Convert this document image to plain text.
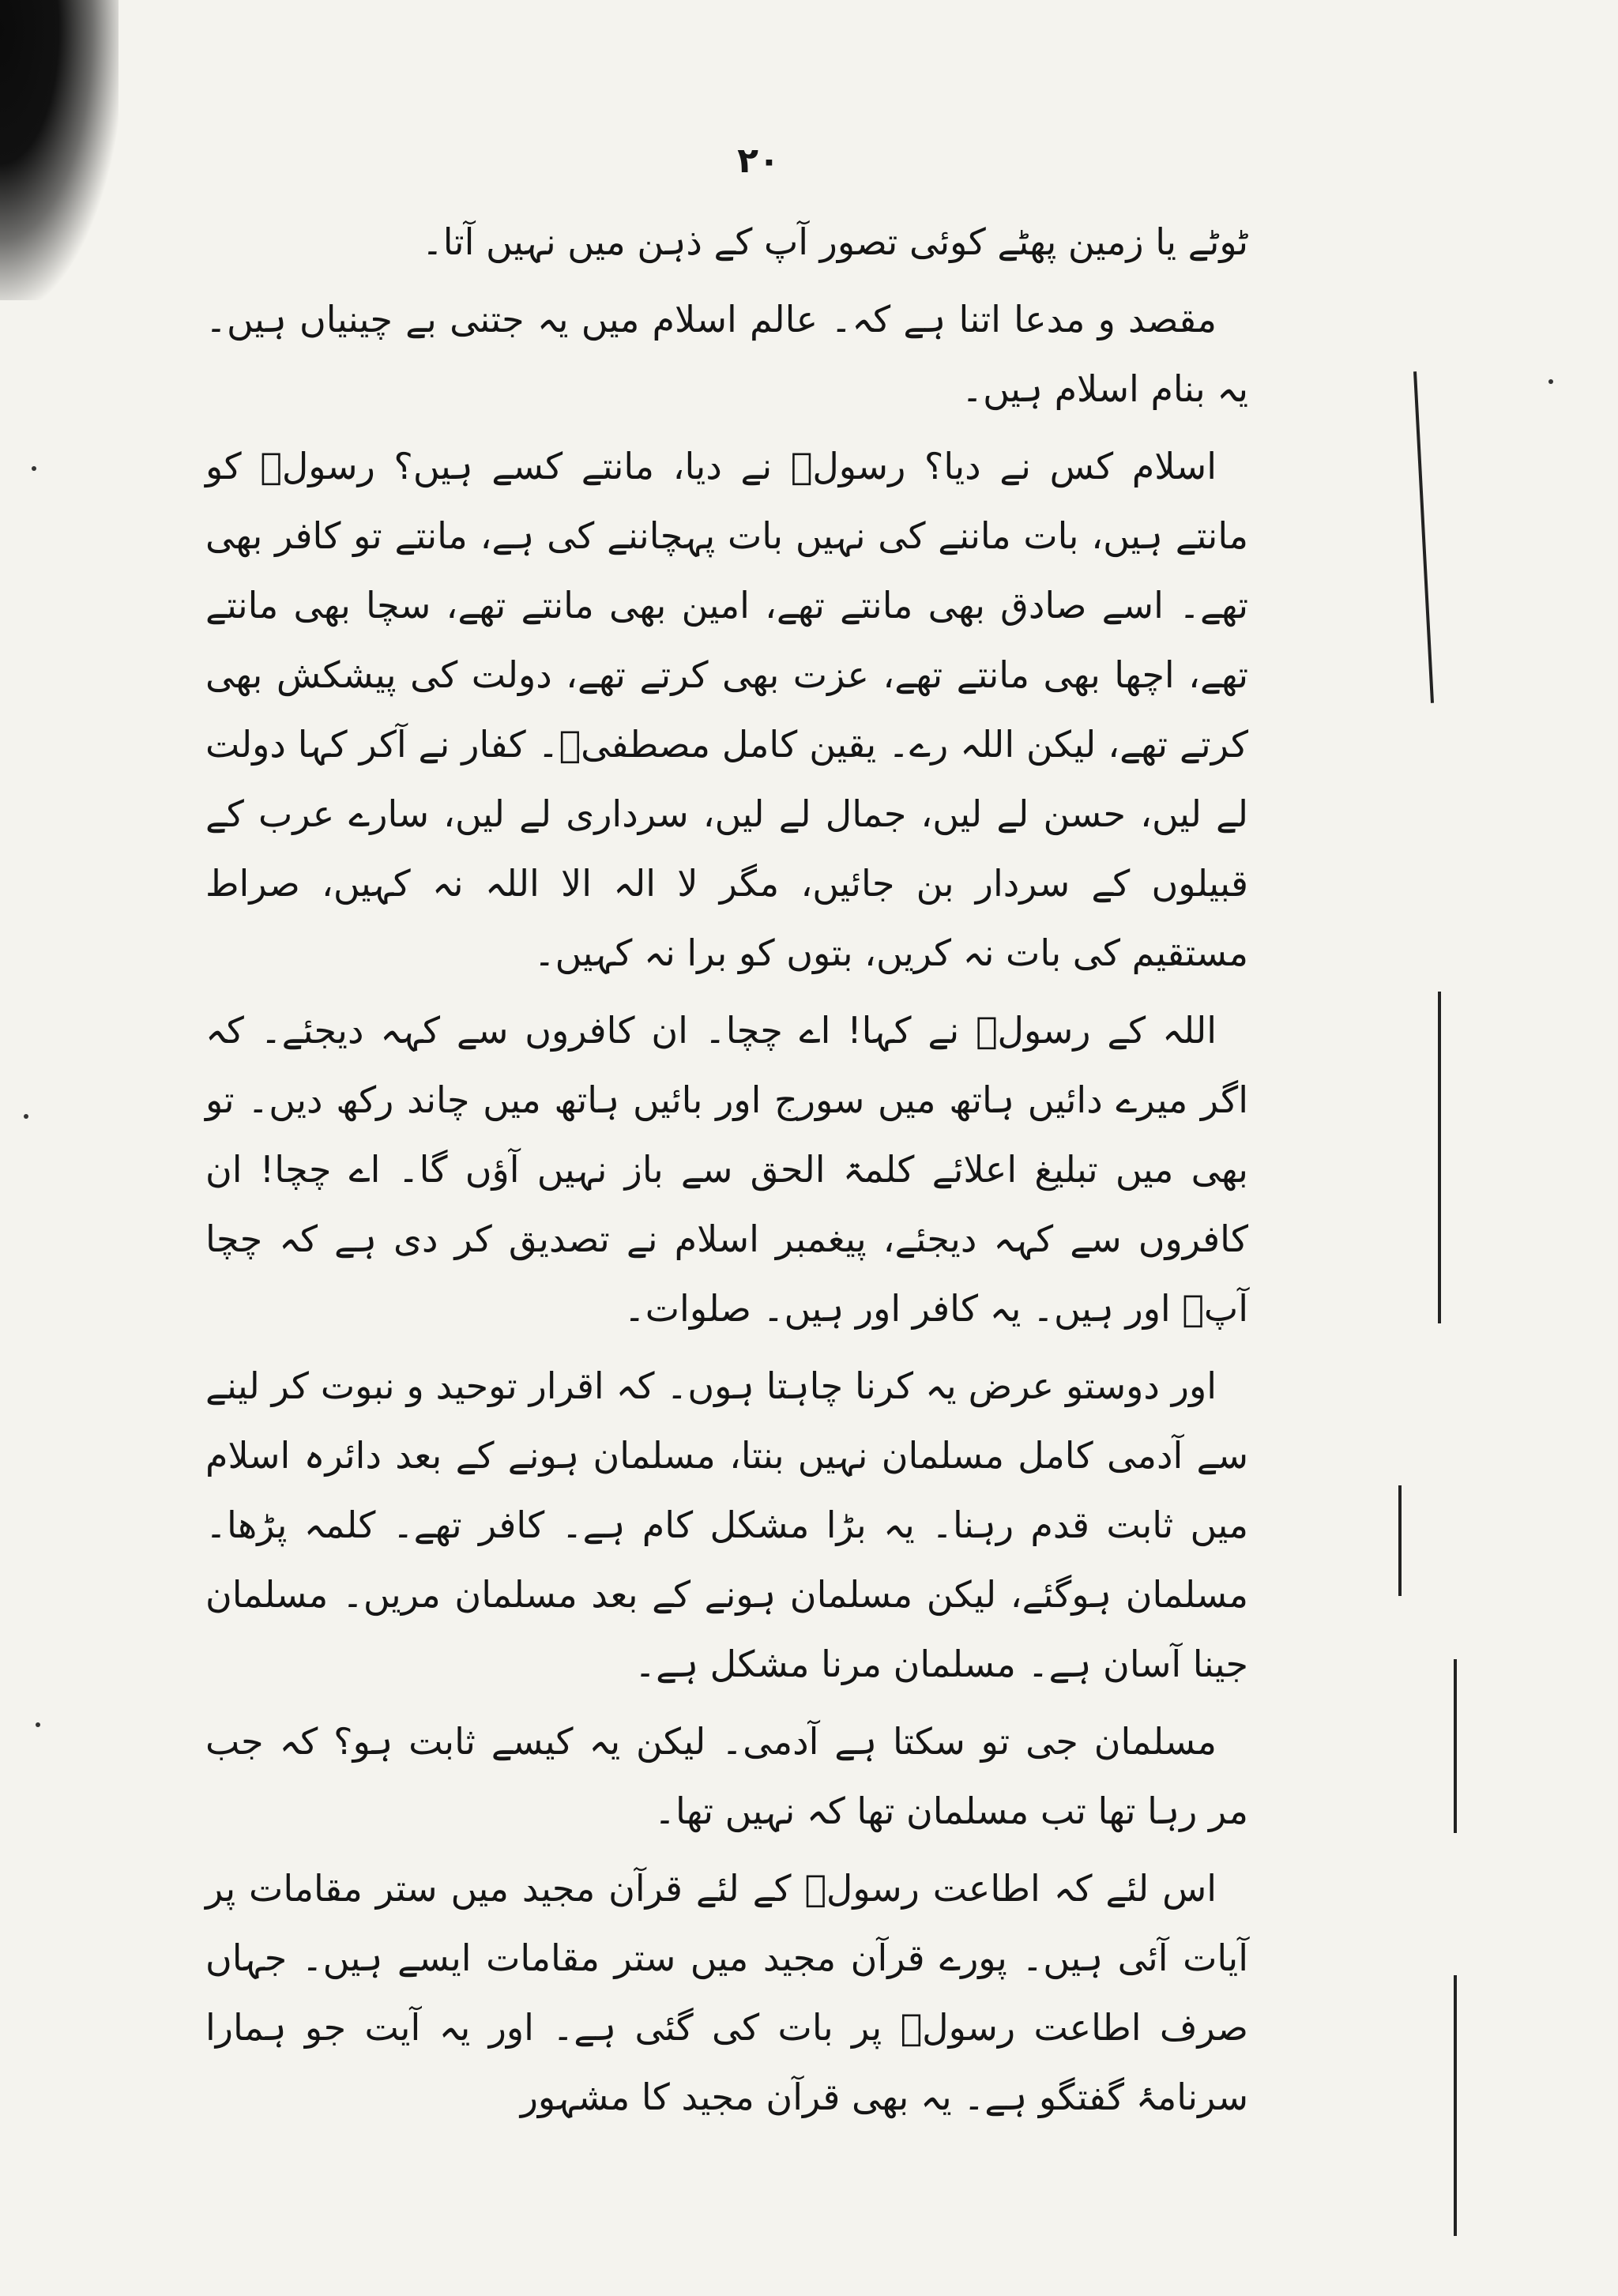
۲۰

ٹوٹے یا زمین پھٹے کوئی تصور آپ کے ذہن میں نہیں آتا۔

مقصد و مدعا اتنا ہے کہ۔ عالم اسلام میں یہ جتنی بے چینیاں ہیں۔ یہ بنام اسلام ہیں۔

اسلام کس نے دیا؟ رسولؐ نے دیا، مانتے کسے ہیں؟ رسولؐ کو مانتے ہیں، بات ماننے کی نہیں بات پہچاننے کی ہے، مانتے تو کافر بھی تھے۔ اسے صادق بھی مانتے تھے، امین بھی مانتے تھے، سچا بھی مانتے تھے، اچھا بھی مانتے تھے، عزت بھی کرتے تھے، دولت کی پیشکش بھی کرتے تھے، لیکن اللہ رے۔ یقین کامل مصطفیؐ۔ کفار نے آکر کہا دولت لے لیں، حسن لے لیں، جمال لے لیں، سرداری لے لیں، سارے عرب کے قبیلوں کے سردار بن جائیں، مگر لا الہ الا اللہ نہ کہیں، صراط مستقیم کی بات نہ کریں، بتوں کو برا نہ کہیں۔

اللہ کے رسولؐ نے کہا! اے چچا۔ ان کافروں سے کہہ دیجئے۔ کہ اگر میرے دائیں ہاتھ میں سورج اور بائیں ہاتھ میں چاند رکھ دیں۔ تو بھی میں تبلیغ اعلائے کلمۃ الحق سے باز نہیں آؤں گا۔ اے چچا! ان کافروں سے کہہ دیجئے، پیغمبر اسلام نے تصدیق کر دی ہے کہ چچا آپؑ اور ہیں۔ یہ کافر اور ہیں۔ صلوات۔

اور دوستو عرض یہ کرنا چاہتا ہوں۔ کہ اقرار توحید و نبوت کر لینے سے آدمی کامل مسلمان نہیں بنتا، مسلمان ہونے کے بعد دائرہ اسلام میں ثابت قدم رہنا۔ یہ بڑا مشکل کام ہے۔ کافر تھے۔ کلمہ پڑھا۔ مسلمان ہوگئے، لیکن مسلمان ہونے کے بعد مسلمان مریں۔ مسلمان جینا آسان ہے۔ مسلمان مرنا مشکل ہے۔

مسلمان جی تو سکتا ہے آدمی۔ لیکن یہ کیسے ثابت ہو؟ کہ جب مر رہا تھا تب مسلمان تھا کہ نہیں تھا۔

اس لئے کہ اطاعت رسولؐ کے لئے قرآن مجید میں ستر مقامات پر آیات آئی ہیں۔ پورے قرآن مجید میں ستر مقامات ایسے ہیں۔ جہاں صرف اطاعت رسولؐ پر بات کی گئی ہے۔ اور یہ آیت جو ہمارا سرنامۂ گفتگو ہے۔ یہ بھی قرآن مجید کا مشہور
